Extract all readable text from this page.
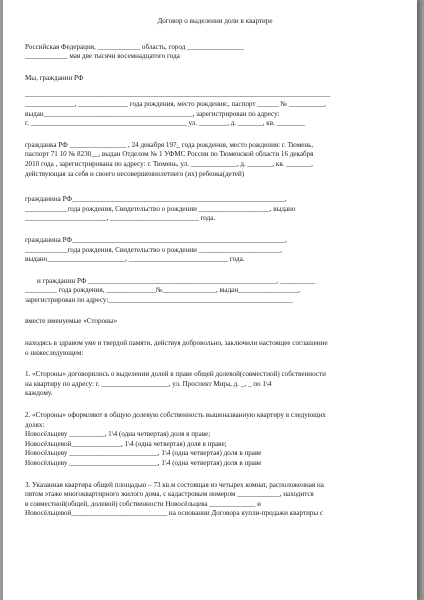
Договор о выделении доли в квартире
Российская Федерация, ____________ область, город ________________
____________ мая две тысячи восемнадцатого года
Мы, гражданин РФ
______________________________________________________________________________________
______________, ______________ года рождения, место рождения:, паспорт ______ № __________,
выдан__________________________________________, зарегистрирован по адресу:
г. ____________________________________________ ул. ________, д. _______, кв. ________
гражданка РФ ________________ , 24 декабря 197_ года рождения, место рождения: г. Тюмень,
паспорт 71 10 № 8230__, выдан Отделом № 1 УФМС России по Тюменской области 16 декабря
2010 года , зарегистрирована по адресу: г. Тюмень, ул. _____________, д. _______, кв. _______,
действующая за себя и своего несовершеннолетнего (их) ребенка(детей)
гражданина РФ____________________________________________________________,
____________года рождения, Свидетельство о рождении ____________________, выдано
_______________________, _________________________ года.
гражданина РФ____________________________________________________________,
____________года рождения, Свидетельство о рождении _______________________,
выдано______________________, ____________________________ года.
и гражданин РФ _____________________________________________________, __________
_________ года рождения, ______________№_______________, выдан_________________,
зарегистрирован по адресу:____________________________________________________
вместе именуемые «Стороны»
находясь в здравом уме и твердой памяти, действуя добровольно, заключили настоящее соглашение
о нижеследующем:
1. «Стороны» договорились о выделении долей в праве общей долевой(совместной) собственности
на квартиру по адресу: г. ___________________, ул. Проспект Мира, д. _, _ по 1\4
каждому.
2. «Стороны» оформляют в общую долевую собственность вышеназванную квартиру в следующих
долях:
Новосёльцеву __________, 1\4 (одна четвертая) доля в праве;
Новосёльцевой______________, 1\4 (одна четвертая) доля в праве;
Новосёльцеву _________________________, 1\4 (одна четвертая) доля в праве
Новосёльцеву _________________________, 1\4 (одна четвертая) доля в праве
3. Указанная квартира общей площадью – 73 кв.м состоящая из четырех комнат, расположенная на
пятом этаже многоквартирного жилого дома, с кадастровым номером ____________, находится
в совместной(общей, долевой) собственности Новосёльцева _____________ и
Новосёльцевой___________________________ на основании Договора купли-продажи квартиры с
